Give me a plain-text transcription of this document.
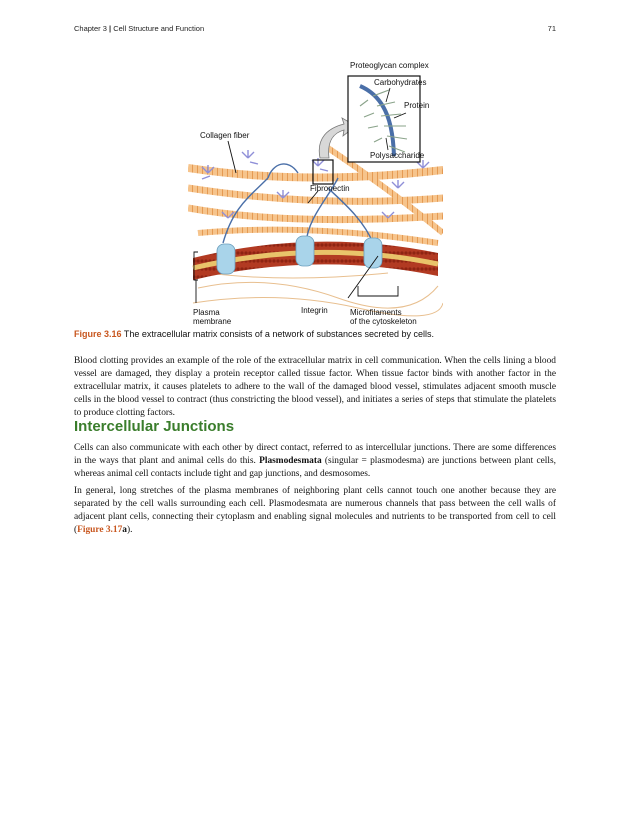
Chapter 3 | Cell Structure and Function	71
Proteoglycan complex
Carbohydrates
Protein
Polysaccharide
Collagen fiber
Fibronectin
Plasma
membrane
Integrin	Microfilaments
of the cytoskeleton
Figure 3.16 The extracellular matrix consists of a network of substances secreted by cells.

Blood clotting provides an example of the role of the extracellular matrix in cell communication. When the cells lining a blood vessel are damaged, they display a protein receptor called tissue factor. When tissue factor binds with another factor in the extracellular matrix, it causes platelets to adhere to the wall of the damaged blood vessel, stimulates adjacent smooth muscle cells in the blood vessel to contract (thus constricting the blood vessel), and initiates a series of steps that stimulate the platelets to produce clotting factors.

Intercellular Junctions

Cells can also communicate with each other by direct contact, referred to as intercellular junctions. There are some differences in the ways that plant and animal cells do this. Plasmodesmata (singular = plasmodesma) are junctions between plant cells, whereas animal cell contacts include tight and gap junctions, and desmosomes.

In general, long stretches of the plasma membranes of neighboring plant cells cannot touch one another because they are separated by the cell walls surrounding each cell. Plasmodesmata are numerous channels that pass between the cell walls of adjacent plant cells, connecting their cytoplasm and enabling signal molecules and nutrients to be transported from cell to cell (Figure 3.17a).
